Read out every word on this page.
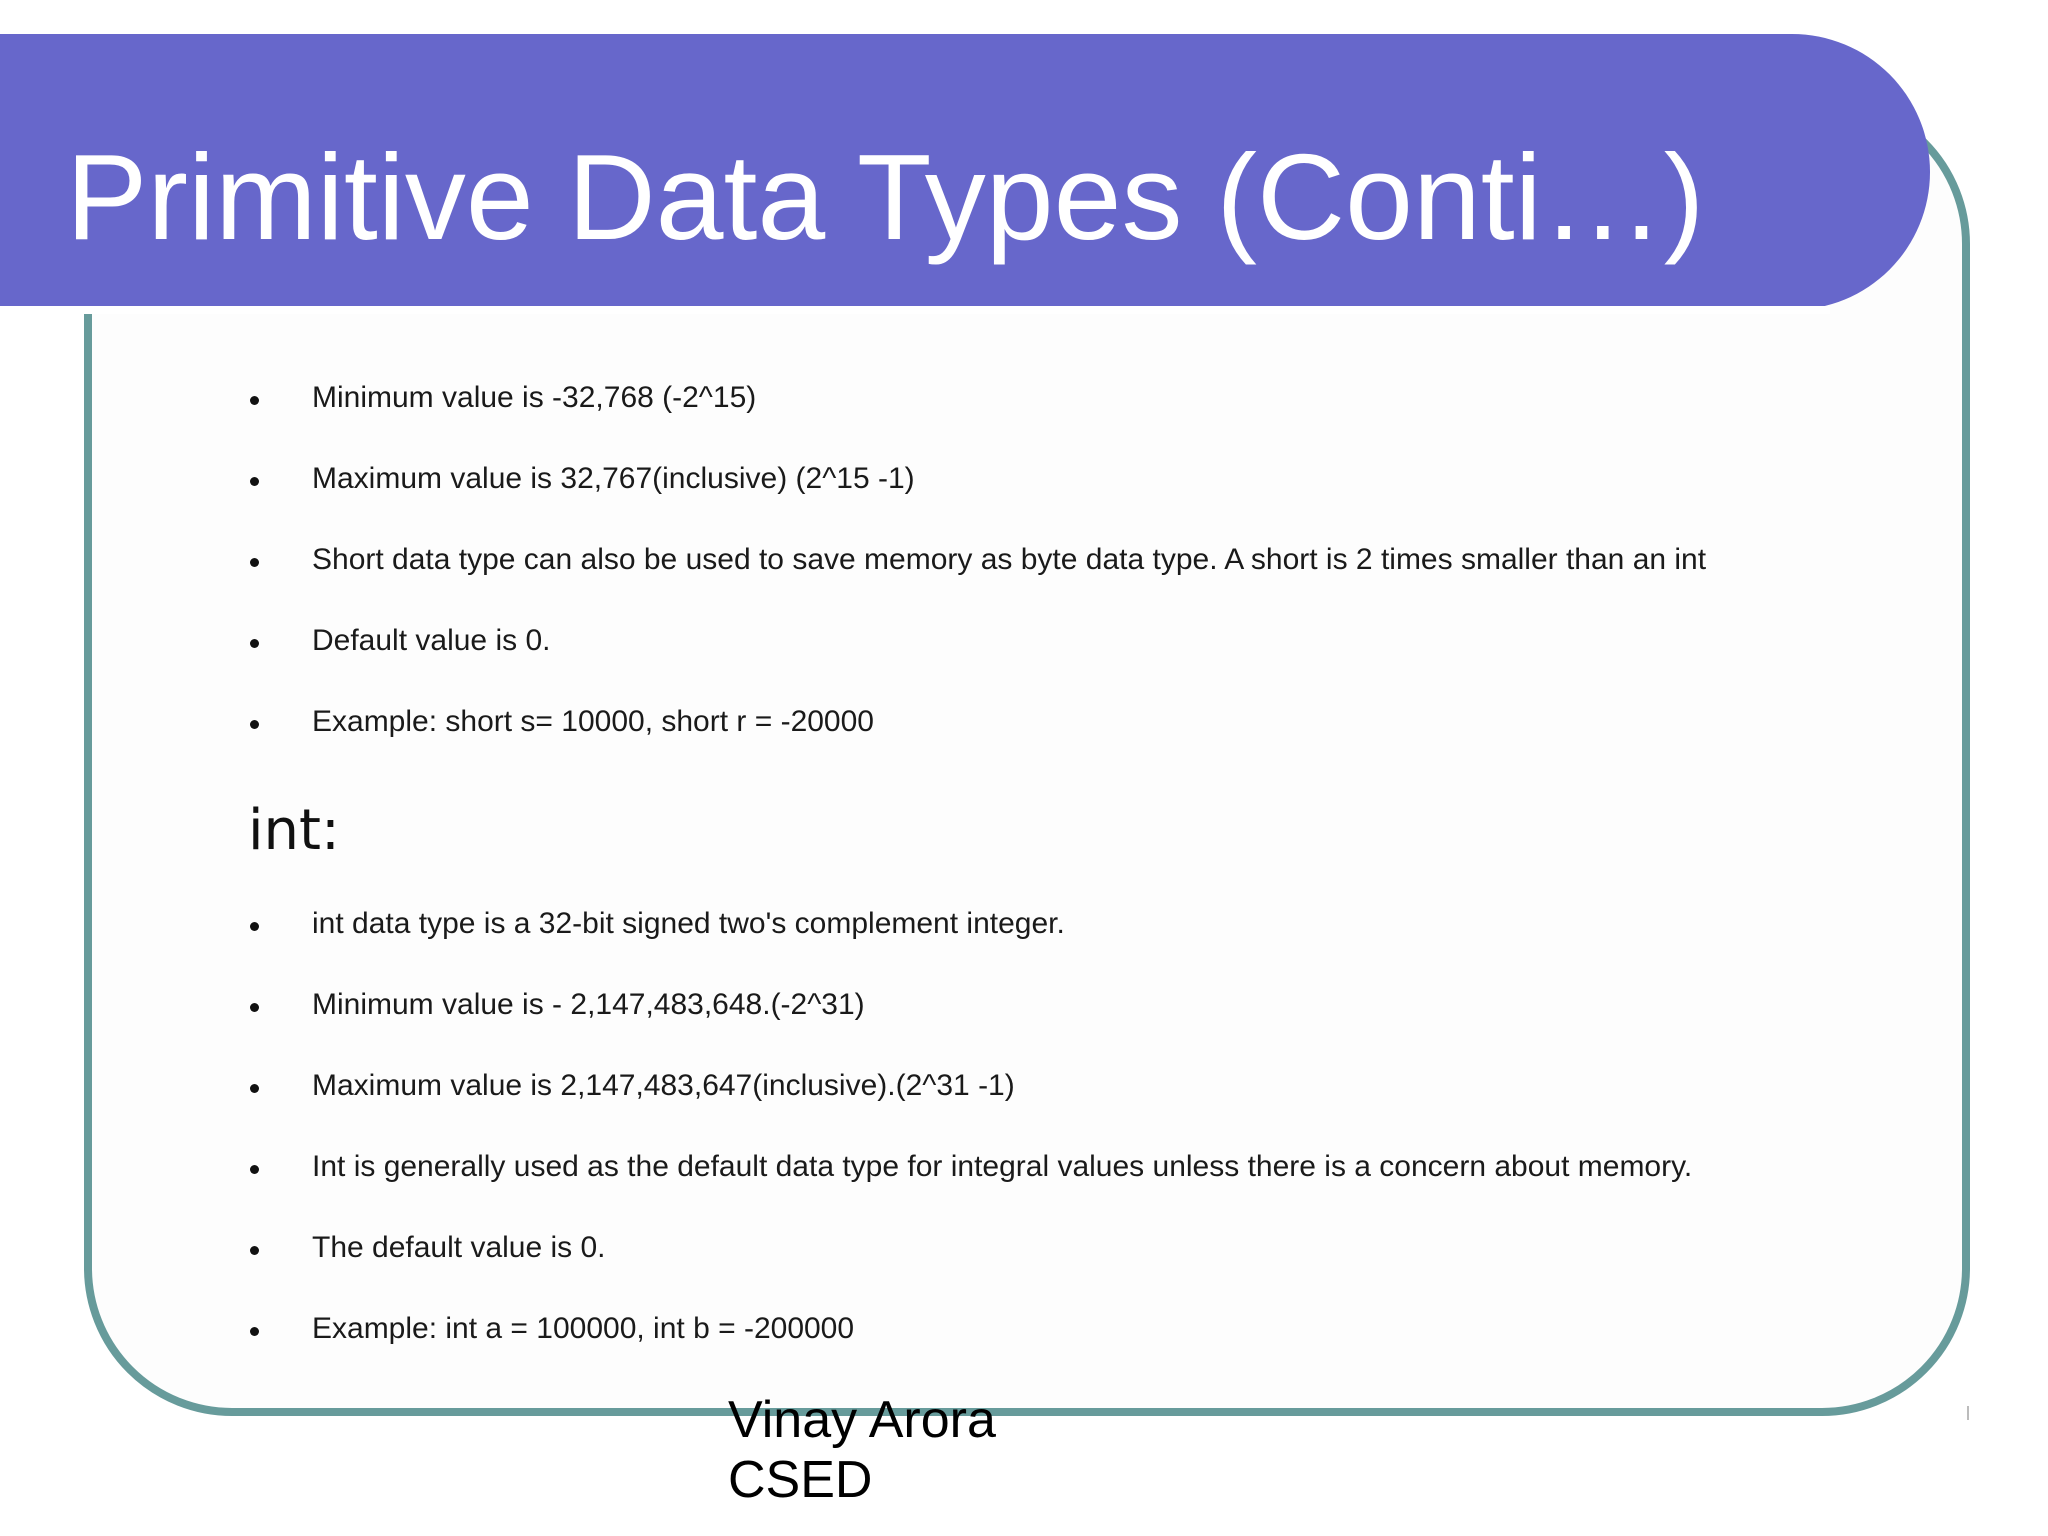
Primitive Data Types (Conti…)
Minimum value is -32,768 (-2^15)
Maximum value is 32,767(inclusive) (2^15 -1)
Short data type can also be used to save memory as byte data type. A short is 2 times smaller than an int
Default value is 0.
Example: short s= 10000, short r = -20000
int:
int data type is a 32-bit signed two's complement integer.
Minimum value is - 2,147,483,648.(-2^31)
Maximum value is 2,147,483,647(inclusive).(2^31 -1)
Int is generally used as the default data type for integral values unless there is a concern about memory.
The default value is 0.
Example: int a = 100000, int b = -200000
Vinay Arora
CSED
